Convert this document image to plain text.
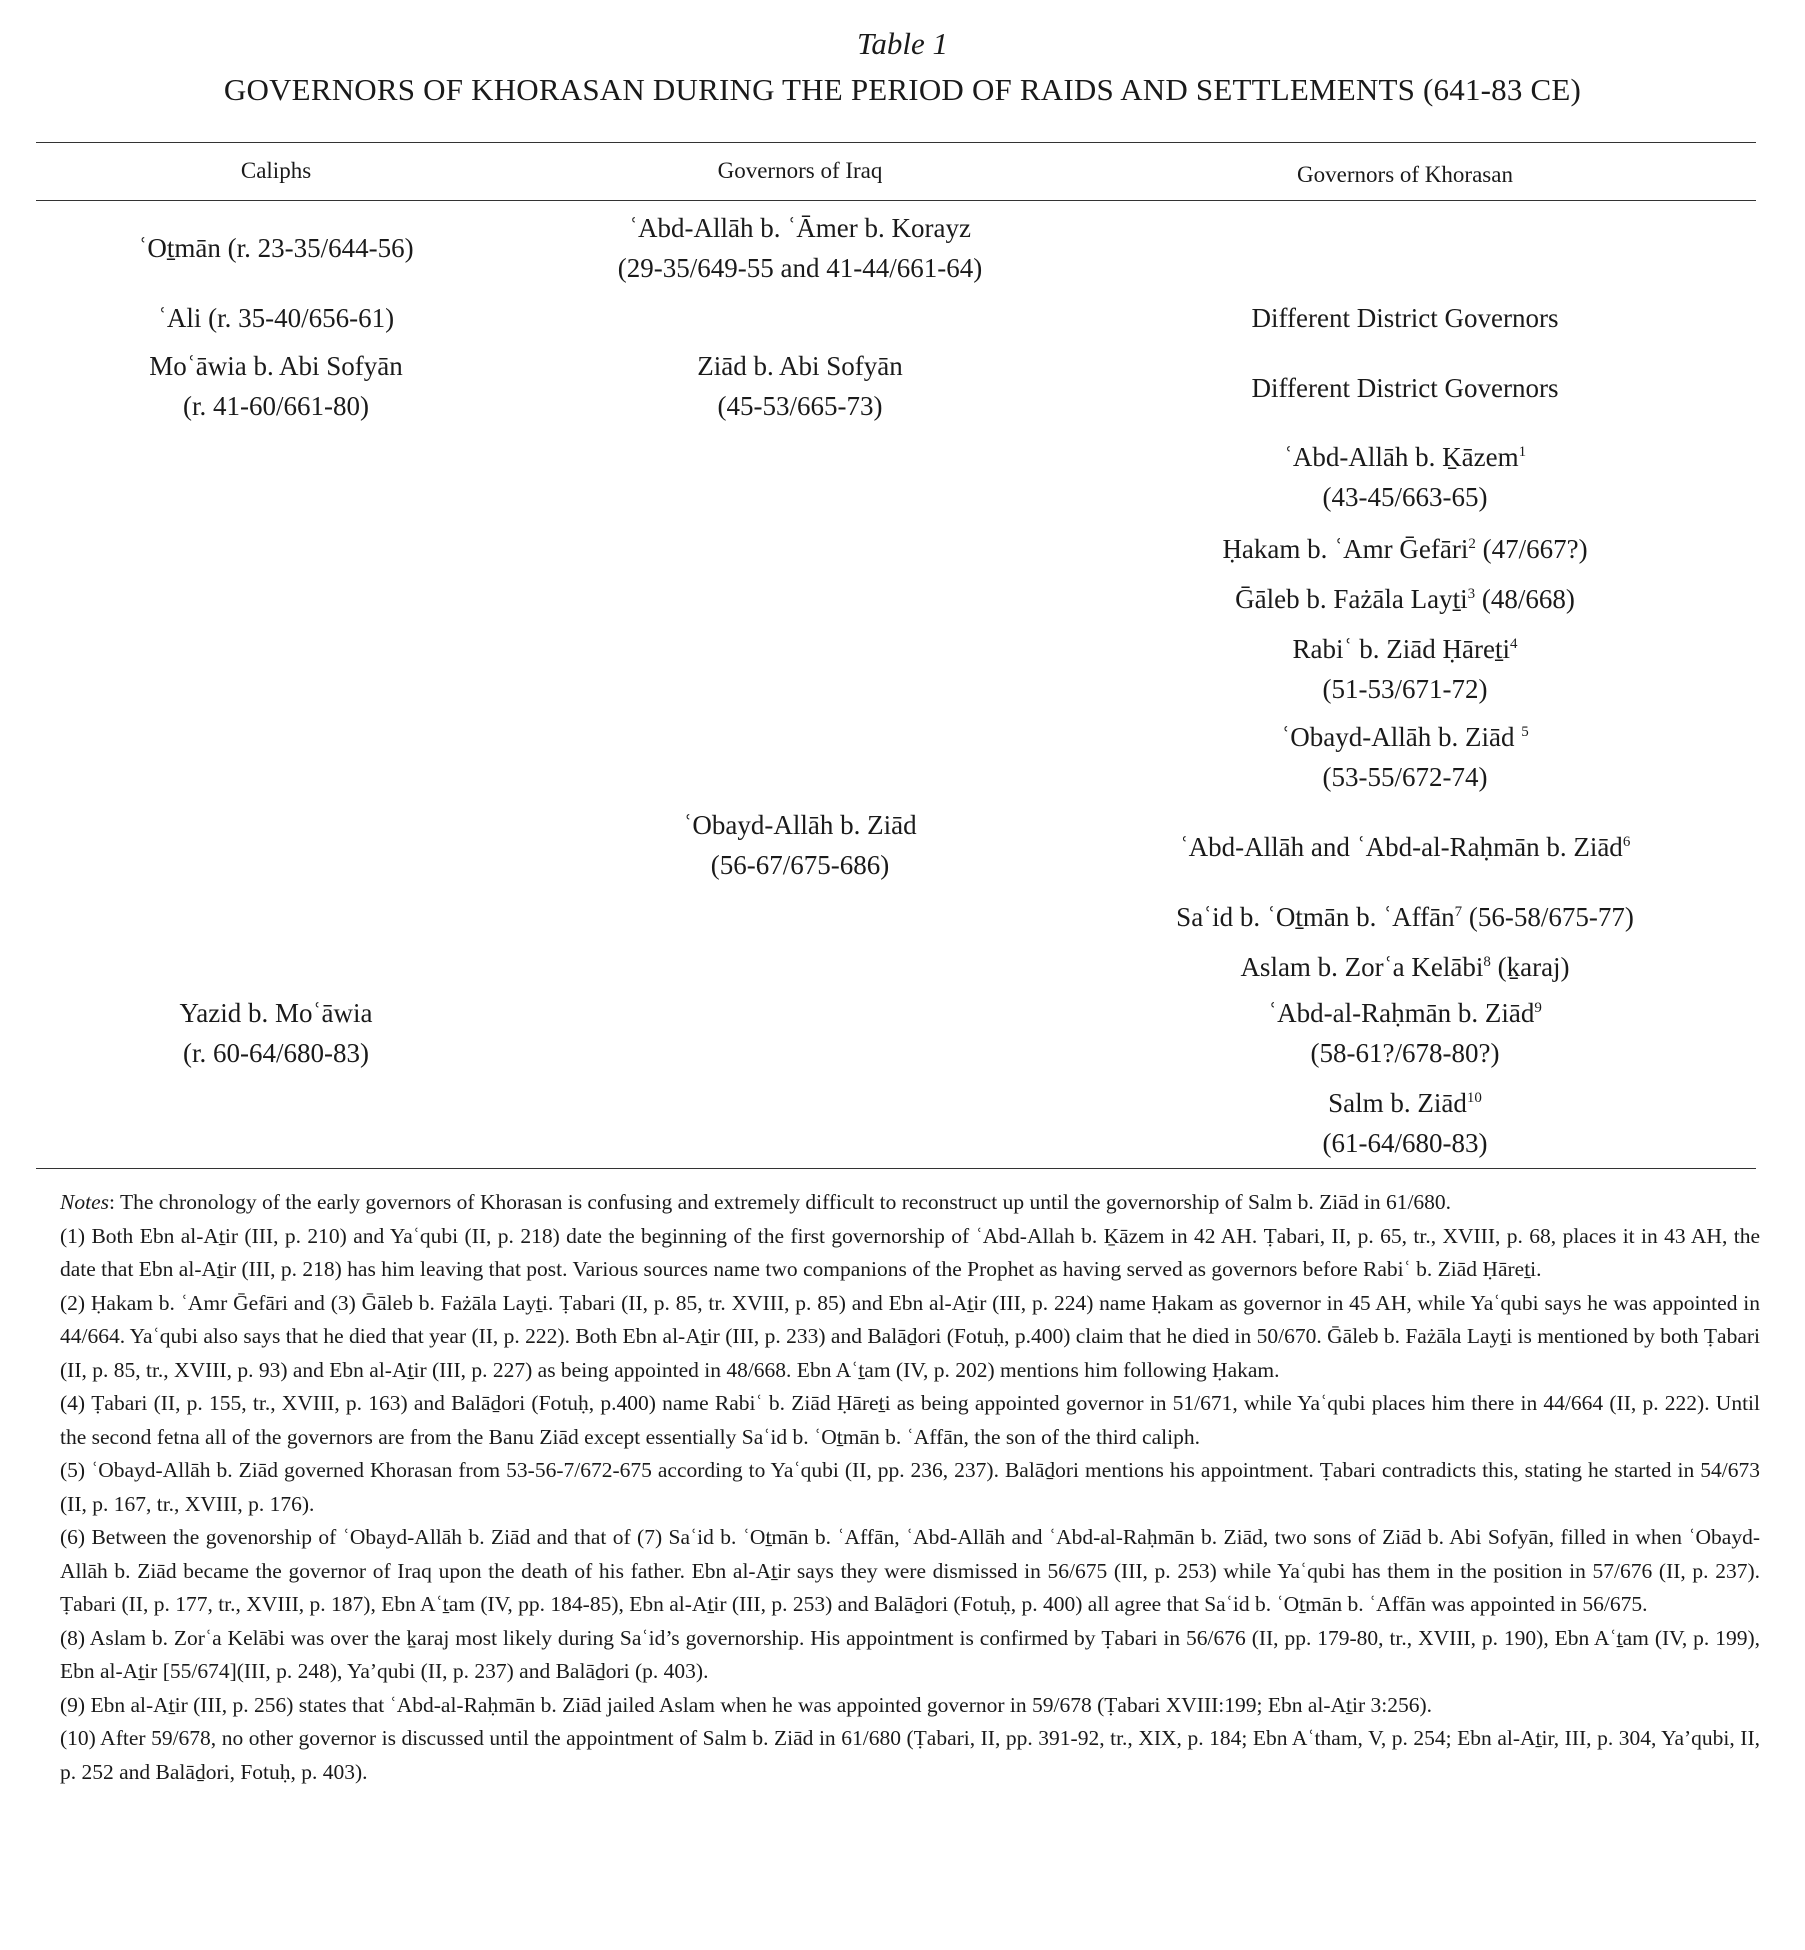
Table 1
GOVERNORS OF KHORASAN DURING THE PERIOD OF RAIDS AND SETTLEMENTS (641-83 CE)
Caliphs	Governors of Iraq	Governors of Khorasan
ʿOṯmān (r. 23-35/644-56)
ʿAli (r. 35-40/656-61)
Moʿāwia b. Abi Sofyān
(r. 41-60/661-80)
Yazid b. Moʿāwia
(r. 60-64/680-83)
ʿAbd-Allāh b. ʿĀmer b. Korayz
(29-35/649-55 and 41-44/661-64)
Ziād b. Abi Sofyān
(45-53/665-73)
ʿObayd-Allāh b. Ziād
(56-67/675-686)
Different District Governors
Different District Governors
ʿAbd-Allāh b. Ḵāzem$^1$
(43-45/663-65)
Ḥakam b. ʿAmr Ḡefāri$^2$ (47/667?)
Ḡāleb b. Fażāla Layṯi$^3$ (48/668)
Rabiʿ b. Ziād Ḥāreṯi$^4$
(51-53/671-72)
ʿObayd-Allāh b. Ziād $^5$
(53-55/672-74)
ʿAbd-Allāh and ʿAbd-al-Raḥmān b. Ziād$^6$
Saʿid b. ʿOṯmān b. ʿAffān$^7$ (56-58/675-77)
Aslam b. Zorʿa Kelābi$^8$ (ḵaraj)
ʿAbd-al-Raḥmān b. Ziād$^9$
(58-61?/678-80?)
Salm b. Ziād$^{10}$
(61-64/680-83)
Notes: The chronology of the early governors of Khorasan is confusing and extremely difficult to reconstruct up until the governorship of Salm b. Ziād in 61/680.
(1) Both Ebn al-Aṯir (III, p. 210) and Yaʿqubi (II, p. 218) date the beginning of the first governorship of ʿAbd-Allah b. Ḵāzem in 42 AH. Ṭabari, II, p. 65, tr., XVIII, p. 68, places it in 43 AH, the date that Ebn al-Aṯir (III, p. 218) has him leaving that post. Various sources name two companions of the Prophet as having served as governors before Rabiʿ b. Ziād Ḥāreṯi.
(2) Ḥakam b. ʿAmr Ḡefāri and (3) Ḡāleb b. Fażāla Layṯi. Ṭabari (II, p. 85, tr. XVIII, p. 85) and Ebn al-Aṯir (III, p. 224) name Ḥakam as governor in 45 AH, while Yaʿqubi says he was appointed in 44/664. Yaʿqubi also says that he died that year (II, p. 222). Both Ebn al-Aṯir (III, p. 233) and Balāḏori (Fotuḥ, p.400) claim that he died in 50/670. Ḡāleb b. Fażāla Layṯi is mentioned by both Ṭabari (II, p. 85, tr., XVIII, p. 93) and Ebn al-Aṯir (III, p. 227) as being appointed in 48/668. Ebn Aʿṯam (IV, p. 202) mentions him following Ḥakam.
(4) Ṭabari (II, p. 155, tr., XVIII, p. 163) and Balāḏori (Fotuḥ, p.400) name Rabiʿ b. Ziād Ḥāreṯi as being appointed governor in 51/671, while Yaʿqubi places him there in 44/664 (II, p. 222). Until the second fetna all of the governors are from the Banu Ziād except essentially Saʿid b. ʿOṯmān b. ʿAffān, the son of the third caliph.
(5) ʿObayd-Allāh b. Ziād governed Khorasan from 53-56-7/672-675 according to Yaʿqubi (II, pp. 236, 237). Balāḏori mentions his appointment. Ṭabari contradicts this, stating he started in 54/673 (II, p. 167, tr., XVIII, p. 176).
(6) Between the govenorship of ʿObayd-Allāh b. Ziād and that of (7) Saʿid b. ʿOṯmān b. ʿAffān, ʿAbd-Allāh and ʿAbd-al-Raḥmān b. Ziād, two sons of Ziād b. Abi Sofyān, filled in when ʿObayd-Allāh b. Ziād became the governor of Iraq upon the death of his father. Ebn al-Aṯir says they were dismissed in 56/675 (III, p. 253) while Yaʿqubi has them in the position in 57/676 (II, p. 237). Ṭabari (II, p. 177, tr., XVIII, p. 187), Ebn Aʿṯam (IV, pp. 184-85), Ebn al-Aṯir (III, p. 253) and Balāḏori (Fotuḥ, p. 400) all agree that Saʿid b. ʿOṯmān b. ʿAffān was appointed in 56/675.
(8) Aslam b. Zorʿa Kelābi was over the ḵaraj most likely during Saʿid’s governorship. His appointment is confirmed by Ṭabari in 56/676 (II, pp. 179-80, tr., XVIII, p. 190), Ebn Aʿṯam (IV, p. 199), Ebn al-Aṯir [55/674](III, p. 248), Ya’qubi (II, p. 237) and Balāḏori (p. 403).
(9) Ebn al-Aṯir (III, p. 256) states that ʿAbd-al-Raḥmān b. Ziād jailed Aslam when he was appointed governor in 59/678 (Ṭabari XVIII:199; Ebn al-Aṯir 3:256).
(10) After 59/678, no other governor is discussed until the appointment of Salm b. Ziād in 61/680 (Ṭabari, II, pp. 391-92, tr., XIX, p. 184; Ebn Aʿtham, V, p. 254; Ebn al-Aṯir, III, p. 304, Ya’qubi, II, p. 252 and Balāḏori, Fotuḥ, p. 403).
